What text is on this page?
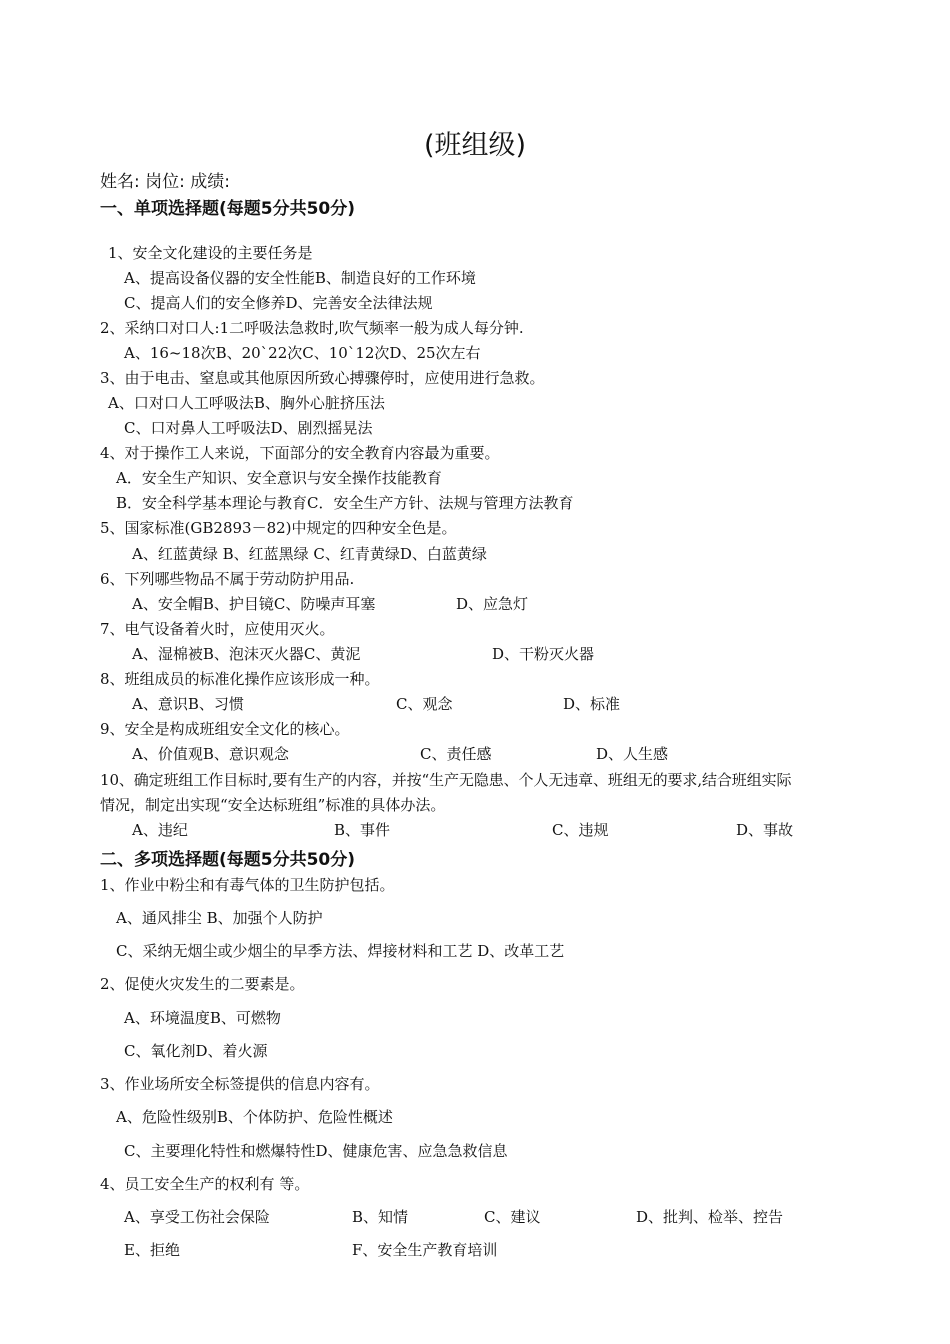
(班组级)
姓名: 岗位: 成绩:
一、单项选择题(每题5分共50分)
1、安全文化建设的主要任务是
A、提高设备仪器的安全性能B、制造良好的工作环境
C、提高人们的安全修养D、完善安全法律法规
2、采纳口对口人:1二呼吸法急救时,吹气频率一般为成人每分钟.
A、16~18次B、20`22次C、10`12次D、25次左右
3、由于电击、窒息或其他原因所致心搏骤停时，应使用进行急救。
A、口对口人工呼吸法B、胸外心脏挤压法
C、口对鼻人工呼吸法D、剧烈摇晃法
4、对于操作工人来说，下面部分的安全教育内容最为重要。
A．安全生产知识、安全意识与安全操作技能教育
B．安全科学基本理论与教育C．安全生产方针、法规与管理方法教育
5、国家标准(GB2893－82)中规定的四种安全色是。
A、红蓝黄绿 B、红蓝黑绿 C、红青黄绿D、白蓝黄绿
6、下列哪些物品不属于劳动防护用品.
A、安全帽B、护目镜C、防噪声耳塞	D、应急灯
7、电气设备着火时，应使用灭火。
A、湿棉被B、泡沫灭火器C、黄泥	D、干粉灭火器
8、班组成员的标准化操作应该形成一种。
A、意识B、习惯	C、观念	D、标准
9、安全是构成班组安全文化的核心。
A、价值观B、意识观念	C、责任感	D、人生感
10、确定班组工作目标时,要有生产的内容，并按“生产无隐患、个人无违章、班组无的要求,结合班组实际
情况，制定出实现“安全达标班组”标准的具体办法。
A、违纪	B、事件	C、违规	D、事故
二、多项选择题(每题5分共50分)
1、作业中粉尘和有毒气体的卫生防护包括。
A、通风排尘 B、加强个人防护
C、采纳无烟尘或少烟尘的早季方法、焊接材料和工艺 D、改革工艺
2、促使火灾发生的二要素是。
A、环境温度B、可燃物
C、氧化剂D、着火源
3、作业场所安全标签提供的信息内容有。
A、危险性级别B、个体防护、危险性概述
C、主要理化特性和燃爆特性D、健康危害、应急急救信息
4、员工安全生产的权利有 等。
A、享受工伤社会保险	B、知情	C、建议	D、批判、检举、控告
E、拒绝	F、安全生产教育培训
